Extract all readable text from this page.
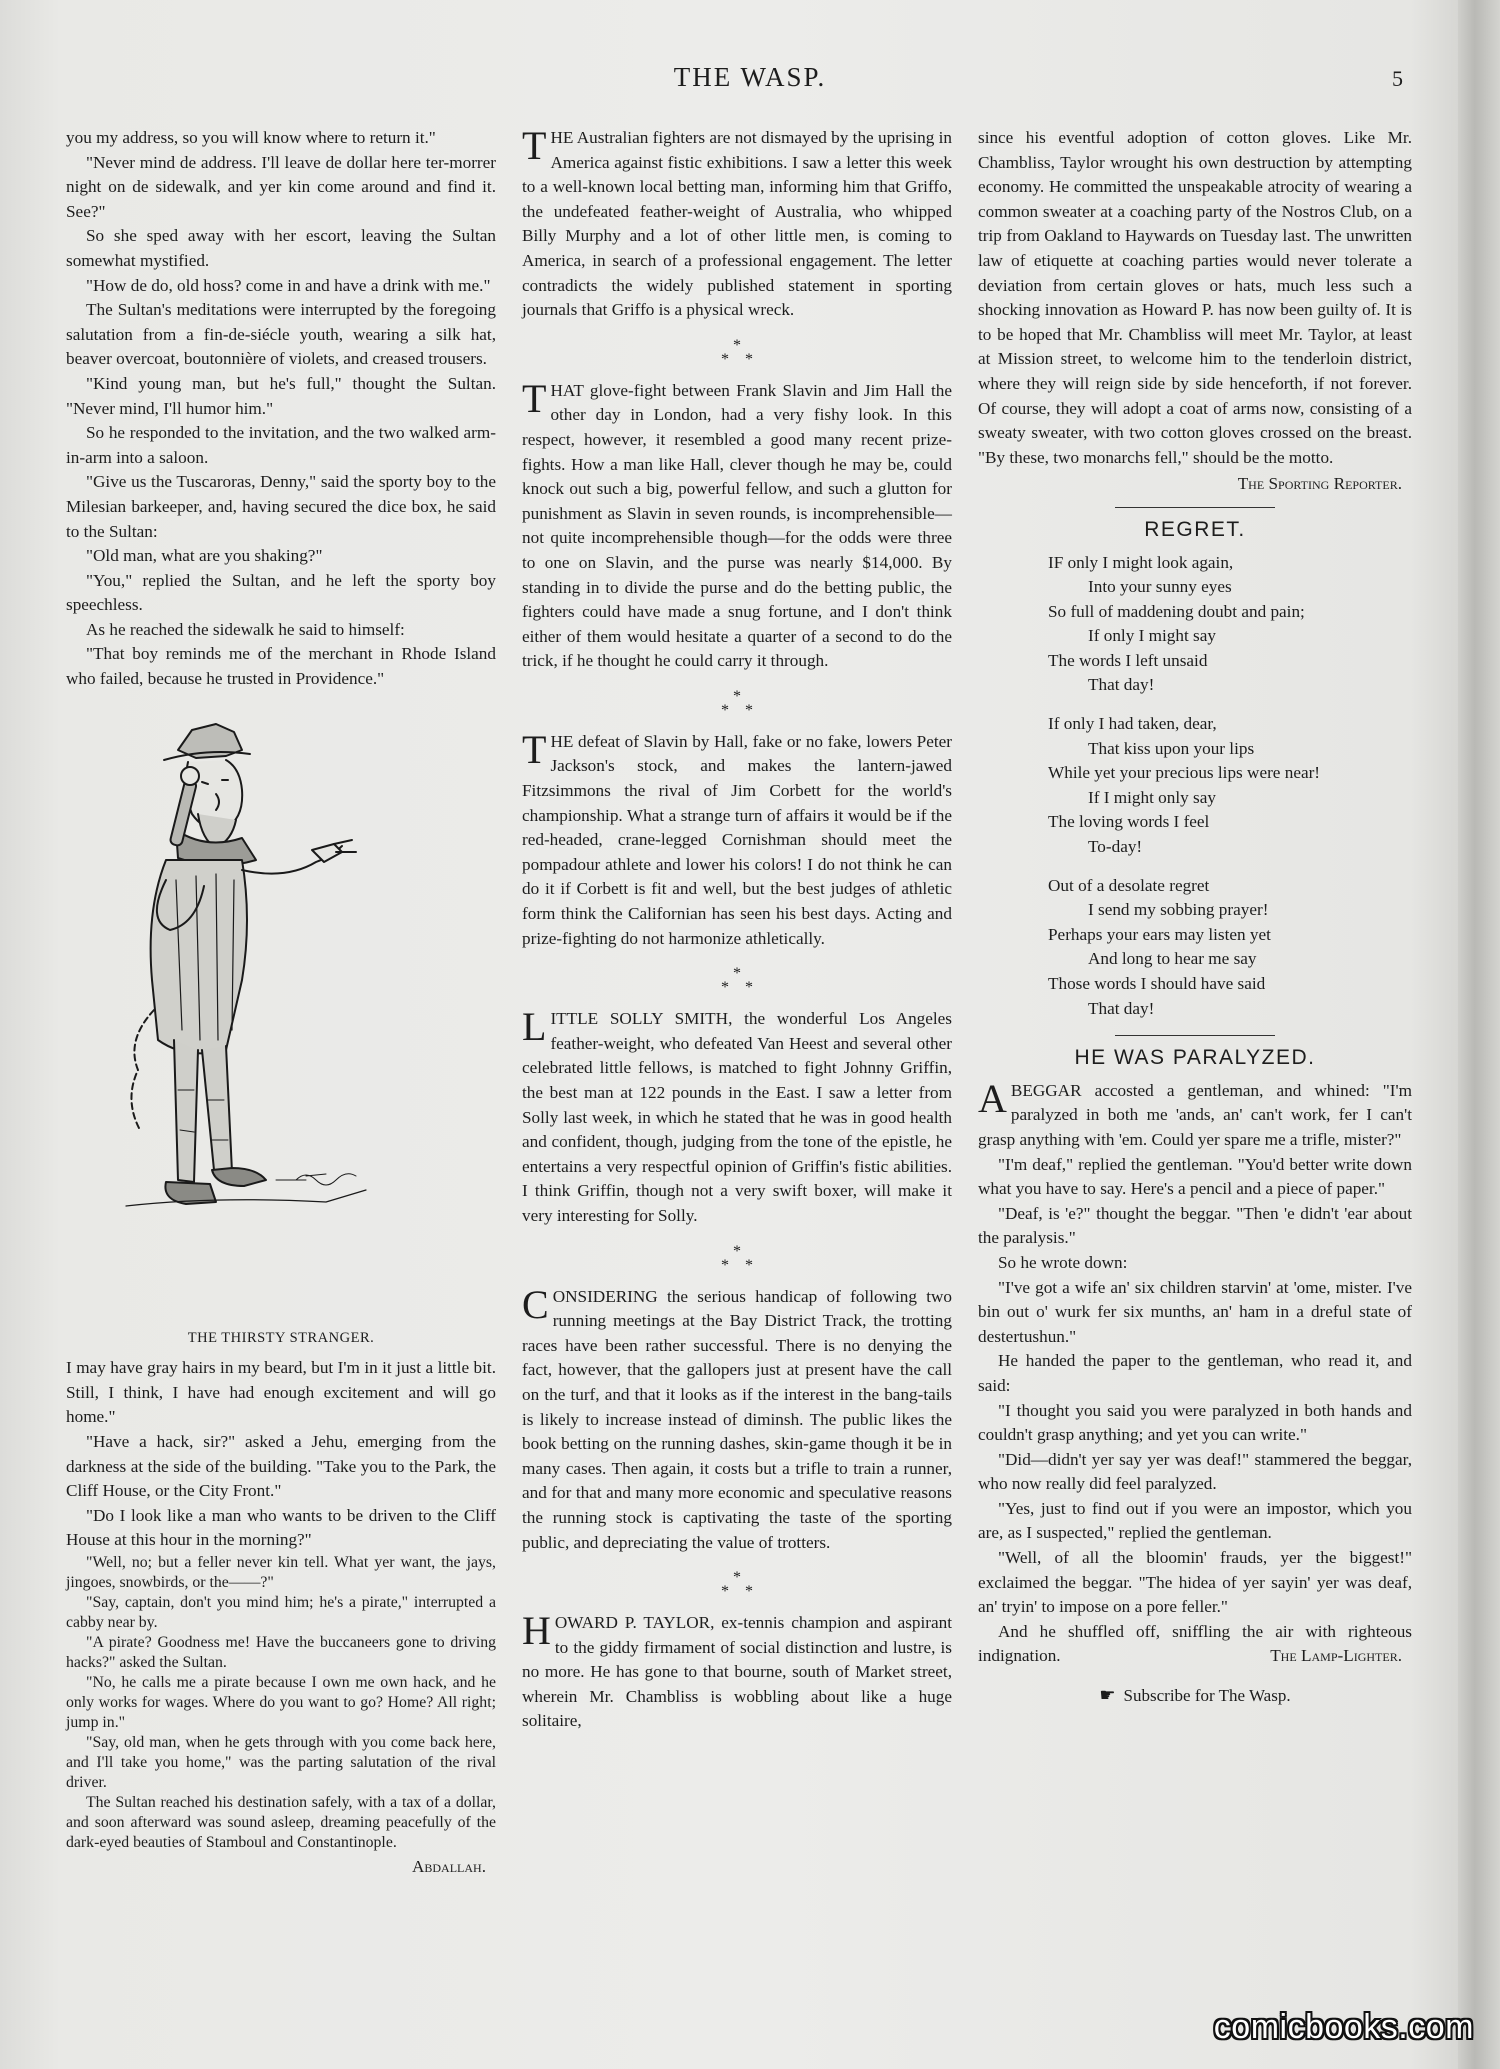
THE WASP.	5

you my address, so you will know where to return it."

"Never mind de address. I'll leave de dollar here ter-morrer night on de sidewalk, and yer kin come around and find it. See?"

So she sped away with her escort, leaving the Sultan somewhat mystified.

"How de do, old hoss? come in and have a drink with me."

The Sultan's meditations were interrupted by the foregoing salutation from a fin-de-siécle youth, wearing a silk hat, beaver overcoat, boutonnière of violets, and creased trousers.

"Kind young man, but he's full," thought the Sultan. "Never mind, I'll humor him."

So he responded to the invitation, and the two walked arm-in-arm into a saloon.

"Give us the Tuscaroras, Denny," said the sporty boy to the Milesian barkeeper, and, having secured the dice box, he said to the Sultan:

"Old man, what are you shaking?"

"You," replied the Sultan, and he left the sporty boy speechless.

As he reached the sidewalk he said to himself:

"That boy reminds me of the merchant in Rhode Island who failed, because he trusted in Providence."

THE THIRSTY STRANGER.

I may have gray hairs in my beard, but I'm in it just a little bit. Still, I think, I have had enough excitement and will go home."

"Have a hack, sir?" asked a Jehu, emerging from the darkness at the side of the building. "Take you to the Park, the Cliff House, or the City Front."

"Do I look like a man who wants to be driven to the Cliff House at this hour in the morning?"

"Well, no; but a feller never kin tell. What yer want, the jays, jingoes, snowbirds, or the——?"

"Say, captain, don't you mind him; he's a pirate," interrupted a cabby near by.

"A pirate? Goodness me! Have the buccaneers gone to driving hacks?" asked the Sultan.

"No, he calls me a pirate because I own me own hack, and he only works for wages. Where do you want to go? Home? All right; jump in."

"Say, old man, when he gets through with you come back here, and I'll take you home," was the parting salutation of the rival driver.

The Sultan reached his destination safely, with a tax of a dollar, and soon afterward was sound asleep, dreaming peacefully of the dark-eyed beauties of Stamboul and Constantinople.

Abdallah.

THE Australian fighters are not dismayed by the uprising in America against fistic exhibitions. I saw a letter this week to a well-known local betting man, informing him that Griffo, the undefeated feather-weight of Australia, who whipped Billy Murphy and a lot of other little men, is coming to America, in search of a professional engagement. The letter contradicts the widely published statement in sporting journals that Griffo is a physical wreck.

*
*    *

THAT glove-fight between Frank Slavin and Jim Hall the other day in London, had a very fishy look. In this respect, however, it resembled a good many recent prize-fights. How a man like Hall, clever though he may be, could knock out such a big, powerful fellow, and such a glutton for punishment as Slavin in seven rounds, is incomprehensible—not quite incomprehensible though—for the odds were three to one on Slavin, and the purse was nearly $14,000. By standing in to divide the purse and do the betting public, the fighters could have made a snug fortune, and I don't think either of them would hesitate a quarter of a second to do the trick, if he thought he could carry it through.

*
*    *

THE defeat of Slavin by Hall, fake or no fake, lowers Peter Jackson's stock, and makes the lantern-jawed Fitzsimmons the rival of Jim Corbett for the world's championship. What a strange turn of affairs it would be if the red-headed, crane-legged Cornishman should meet the pompadour athlete and lower his colors! I do not think he can do it if Corbett is fit and well, but the best judges of athletic form think the Californian has seen his best days. Acting and prize-fighting do not harmonize athletically.

*
*    *

LITTLE SOLLY SMITH, the wonderful Los Angeles feather-weight, who defeated Van Heest and several other celebrated little fellows, is matched to fight Johnny Griffin, the best man at 122 pounds in the East. I saw a letter from Solly last week, in which he stated that he was in good health and confident, though, judging from the tone of the epistle, he entertains a very respectful opinion of Griffin's fistic abilities. I think Griffin, though not a very swift boxer, will make it very interesting for Solly.

*
*    *

CONSIDERING the serious handicap of following two running meetings at the Bay District Track, the trotting races have been rather successful. There is no denying the fact, however, that the gallopers just at present have the call on the turf, and that it looks as if the interest in the bang-tails is likely to increase instead of diminsh. The public likes the book betting on the running dashes, skin-game though it be in many cases. Then again, it costs but a trifle to train a runner, and for that and many more economic and speculative reasons the running stock is captivating the taste of the sporting public, and depreciating the value of trotters.

*
*    *

HOWARD P. TAYLOR, ex-tennis champion and aspirant to the giddy firmament of social distinction and lustre, is no more. He has gone to that bourne, south of Market street, wherein Mr. Chambliss is wobbling about like a huge solitaire,

since his eventful adoption of cotton gloves. Like Mr. Chambliss, Taylor wrought his own destruction by attempting economy. He committed the unspeakable atrocity of wearing a common sweater at a coaching party of the Nostros Club, on a trip from Oakland to Haywards on Tuesday last. The unwritten law of etiquette at coaching parties would never tolerate a deviation from certain gloves or hats, much less such a shocking innovation as Howard P. has now been guilty of. It is to be hoped that Mr. Chambliss will meet Mr. Taylor, at least at Mission street, to welcome him to the tenderloin district, where they will reign side by side henceforth, if not forever. Of course, they will adopt a coat of arms now, consisting of a sweaty sweater, with two cotton gloves crossed on the breast. "By these, two monarchs fell," should be the motto.

The Sporting Reporter.
REGRET.
IF only I might look again,
Into your sunny eyes
So full of maddening doubt and pain;
If only I might say
The words I left unsaid
That day!
If only I had taken, dear,
That kiss upon your lips
While yet your precious lips were near!
If I might only say
The loving words I feel
To-day!
Out of a desolate regret
I send my sobbing prayer!
Perhaps your ears may listen yet
And long to hear me say
Those words I should have said
That day!
HE WAS PARALYZED.

A BEGGAR accosted a gentleman, and whined: "I'm paralyzed in both me 'ands, an' can't work, fer I can't grasp anything with 'em. Could yer spare me a trifle, mister?"

"I'm deaf," replied the gentleman. "You'd better write down what you have to say. Here's a pencil and a piece of paper."

"Deaf, is 'e?" thought the beggar. "Then 'e didn't 'ear about the paralysis."

So he wrote down:

"I've got a wife an' six children starvin' at 'ome, mister. I've bin out o' wurk fer six munths, an' ham in a dreful state of destertushun."

He handed the paper to the gentleman, who read it, and said:

"I thought you said you were paralyzed in both hands and couldn't grasp anything; and yet you can write."

"Did—didn't yer say yer was deaf!" stammered the beggar, who now really did feel paralyzed.

"Yes, just to find out if you were an impostor, which you are, as I suspected," replied the gentleman.

"Well, of all the bloomin' frauds, yer the biggest!" exclaimed the beggar. "The hidea of yer sayin' yer was deaf, an' tryin' to impose on a pore feller."

And he shuffled off, sniffling the air with righteous indignation.	The Lamp-Lighter.

☛ Subscribe for The Wasp.
comicbooks.com
